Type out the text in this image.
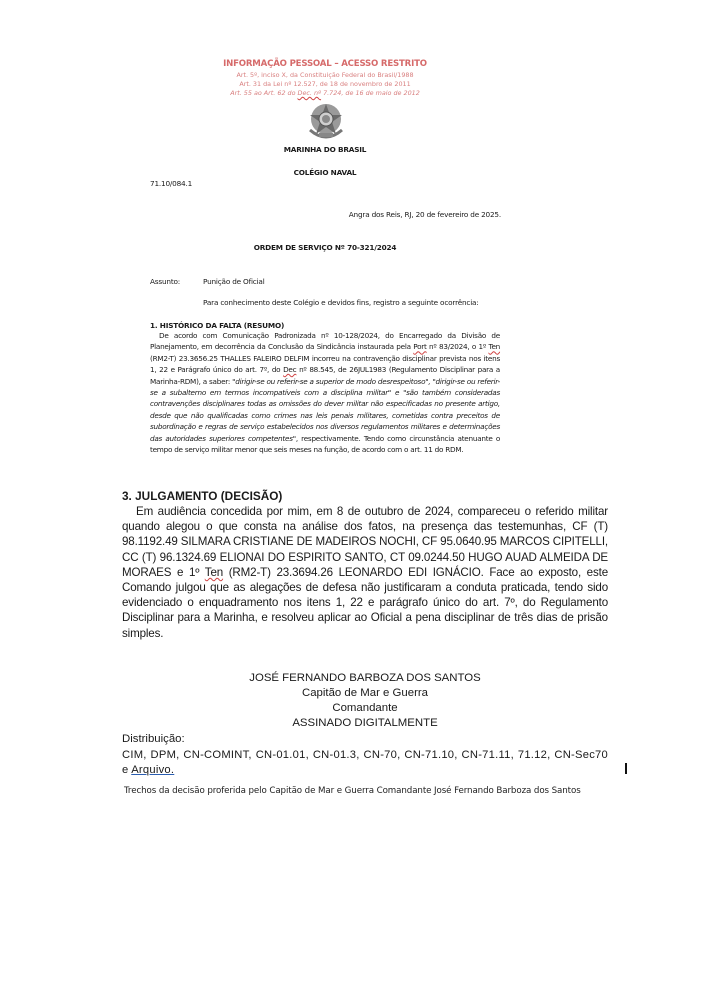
INFORMAÇÃO PESSOAL – ACESSO RESTRITO
Art. 5º, inciso X, da Constituição Federal do Brasil/1988
Art. 31 da Lei nº 12.527, de 18 de novembro de 2011
Art. 55 ao Art. 62 do Dec. nº 7.724, de 16 de maio de 2012
MARINHA DO BRASIL
COLÉGIO NAVAL
71.10/084.1
Angra dos Reis, RJ, 20 de fevereiro de 2025.
ORDEM DE SERVIÇO Nº 70-321/2024
Assunto:	Punição de Oficial
Para conhecimento deste Colégio e devidos fins, registro a seguinte ocorrência:
1. HISTÓRICO DA FALTA (RESUMO)
De acordo com Comunicação Padronizada nº 10-128/2024, do Encarregado da Divisão de Planejamento, em decorrência da Conclusão da Sindicância instaurada pela Port nº 83/2024, o 1º Ten (RM2-T) 23.3656.25 THALLES FALEIRO DELFIM incorreu na contravenção disciplinar prevista nos itens 1, 22 e Parágrafo único do art. 7º, do Dec nº 88.545, de 26JUL1983 (Regulamento Disciplinar para a Marinha-RDM), a saber: "dirigir-se ou referir-se a superior de modo desrespeitoso", "dirigir-se ou referir-se a subalterno em termos incompatíveis com a disciplina militar" e "são também consideradas contravenções disciplinares todas as omissões do dever militar não especificadas no presente artigo, desde que não qualificadas como crimes nas leis penais militares, cometidas contra preceitos de subordinação e regras de serviço estabelecidos nos diversos regulamentos militares e determinações das autoridades superiores competentes", respectivamente. Tendo como circunstância atenuante o tempo de serviço militar menor que seis meses na função, de acordo com o art. 11 do RDM.
3. JULGAMENTO (DECISÃO)
Em audiência concedida por mim, em 8 de outubro de 2024, compareceu o referido militar quando alegou o que consta na análise dos fatos, na presença das testemunhas, CF (T) 98.1192.49 SILMARA CRISTIANE DE MADEIROS NOCHI, CF 95.0640.95 MARCOS CIPITELLI, CC (T) 96.1324.69 ELIONAI DO ESPIRITO SANTO, CT 09.0244.50 HUGO AUAD ALMEIDA DE MORAES e 1º Ten (RM2-T) 23.3694.26 LEONARDO EDI IGNÁCIO. Face ao exposto, este Comando julgou que as alegações de defesa não justificaram a conduta praticada, tendo sido evidenciado o enquadramento nos itens 1, 22 e parágrafo único do art. 7º, do Regulamento Disciplinar para a Marinha, e resolveu aplicar ao Oficial a pena disciplinar de três dias de prisão simples.
JOSÉ FERNANDO BARBOZA DOS SANTOS
Capitão de Mar e Guerra
Comandante
ASSINADO DIGITALMENTE
Distribuição:
CIM, DPM, CN-COMINT, CN-01.01, CN-01.3, CN-70, CN-71.10, CN-71.11, 71.12, CN-Sec70 e Arquivo.
Trechos da decisão proferida pelo Capitão de Mar e Guerra Comandante José Fernando Barboza dos Santos
